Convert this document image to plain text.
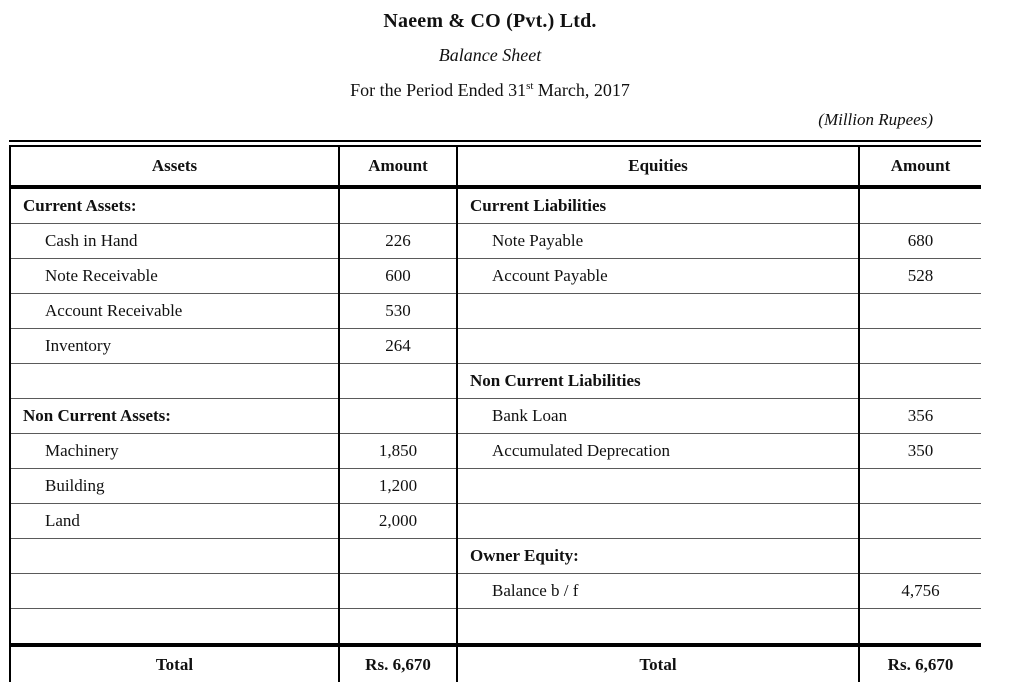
Naeem & CO (Pvt.) Ltd.
Balance Sheet
For the Period Ended 31st March, 2017
(Million Rupees)
Assets	Amount	Equities	Amount
Current Assets:		Current Liabilities	
Cash in Hand	226	Note Payable	680
Note Receivable	600	Account Payable	528
Account Receivable	530		
Inventory	264		
		Non Current Liabilities	
Non Current Assets:		Bank Loan	356
Machinery	1,850	Accumulated Deprecation	350
Building	1,200		
Land	2,000		
		Owner Equity:	
		Balance b / f	4,756

Total	Rs. 6,670	Total	Rs. 6,670
